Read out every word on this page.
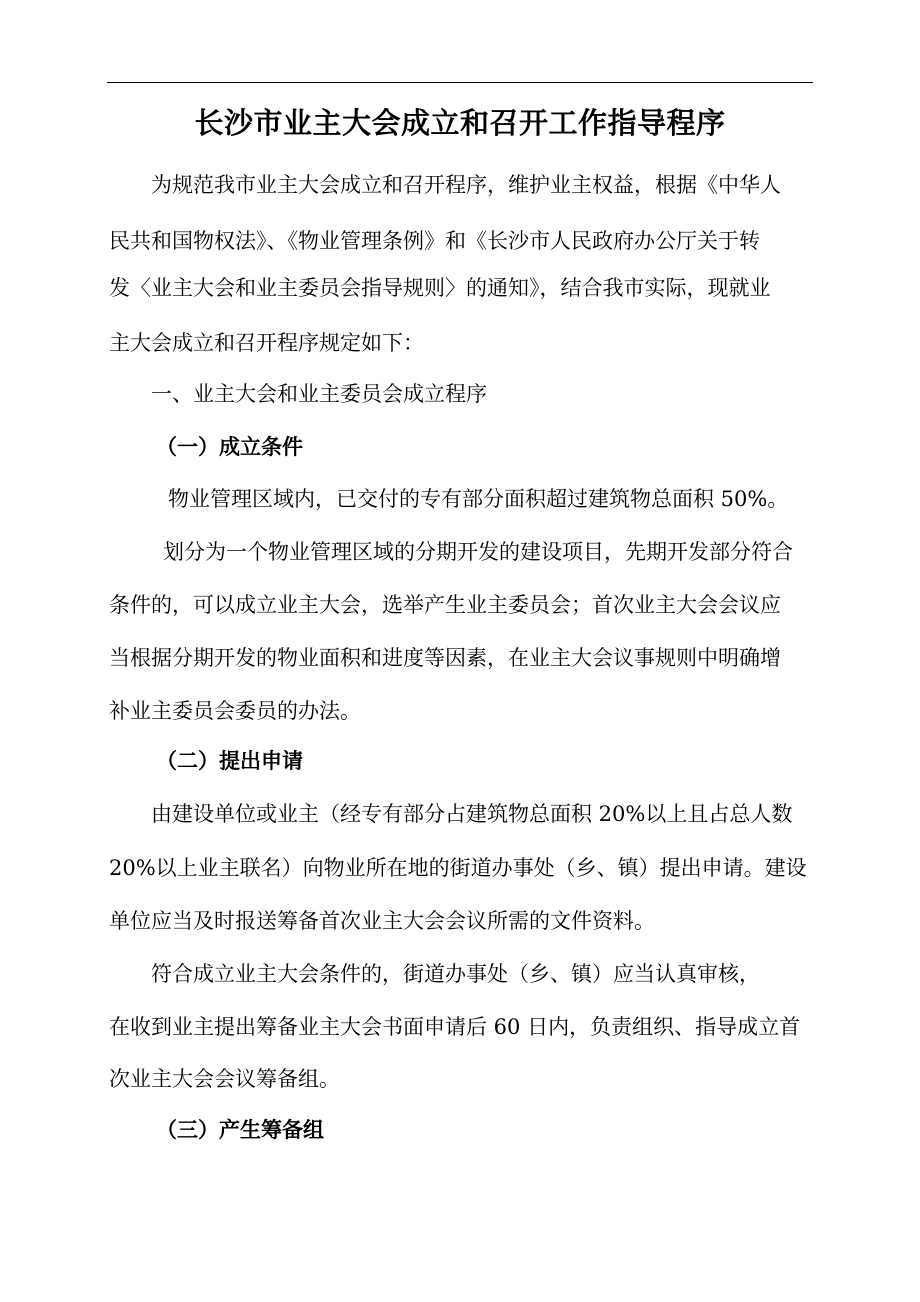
长沙市业主大会成立和召开工作指导程序

为规范我市业主大会成立和召开程序，维护业主权益，根据《中华人

民共和国物权法》、《物业管理条例》和《长沙市人民政府办公厅关于转

发〈业主大会和业主委员会指导规则〉的通知》，结合我市实际，现就业

主大会成立和召开程序规定如下：

一、业主大会和业主委员会成立程序

（一）成立条件

物业管理区域内，已交付的专有部分面积超过建筑物总面积 50%。

划分为一个物业管理区域的分期开发的建设项目，先期开发部分符合

条件的，可以成立业主大会，选举产生业主委员会；首次业主大会会议应

当根据分期开发的物业面积和进度等因素，在业主大会议事规则中明确增

补业主委员会委员的办法。

（二）提出申请

由建设单位或业主（经专有部分占建筑物总面积 20%以上且占总人数

20%以上业主联名）向物业所在地的街道办事处（乡、镇）提出申请。建设

单位应当及时报送筹备首次业主大会会议所需的文件资料。

符合成立业主大会条件的，街道办事处（乡、镇）应当认真审核，

在收到业主提出筹备业主大会书面申请后 60 日内，负责组织、指导成立首

次业主大会会议筹备组。

（三）产生筹备组
